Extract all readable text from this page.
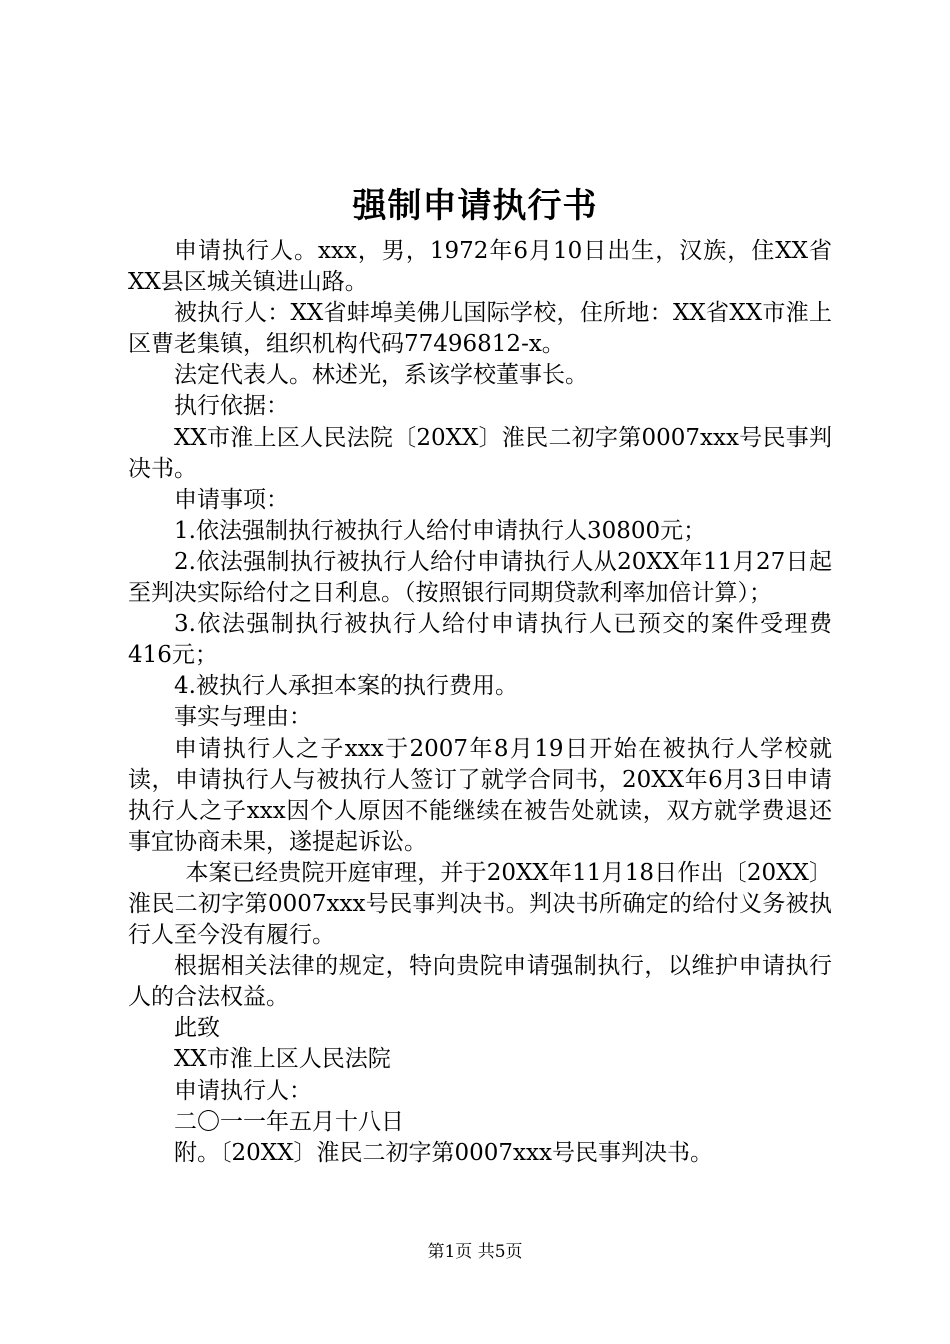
强制申请执行书

申请执行人。xxx，男，1972年6月10日出生，汉族，住XX省XX县区城关镇进山路。

被执行人：XX省蚌埠美佛儿国际学校，住所地：XX省XX市淮上区曹老集镇，组织机构代码77496812-x。

法定代表人。林述光，系该学校董事长。

执行依据：

XX市淮上区人民法院〔20XX〕淮民二初字第0007xxx号民事判决书。

申请事项：

1.依法强制执行被执行人给付申请执行人30800元；

2.依法强制执行被执行人给付申请执行人从20XX年11月27日起至判决实际给付之日利息。（按照银行同期贷款利率加倍计算）；

3.依法强制执行被执行人给付申请执行人已预交的案件受理费416元；

4.被执行人承担本案的执行费用。

事实与理由：

申请执行人之子xxx于2007年8月19日开始在被执行人学校就读，申请执行人与被执行人签订了就学合同书，20XX年6月3日申请执行人之子xxx因个人原因不能继续在被告处就读，双方就学费退还事宜协商未果，遂提起诉讼。

本案已经贵院开庭审理，并于20XX年11月18日作出〔20XX〕淮民二初字第0007xxx号民事判决书。判决书所确定的给付义务被执行人至今没有履行。

根据相关法律的规定，特向贵院申请强制执行，以维护申请执行人的合法权益。

此致

XX市淮上区人民法院

申请执行人：

二〇一一年五月十八日

附。〔20XX〕淮民二初字第0007xxx号民事判决书。

第1页 共5页
